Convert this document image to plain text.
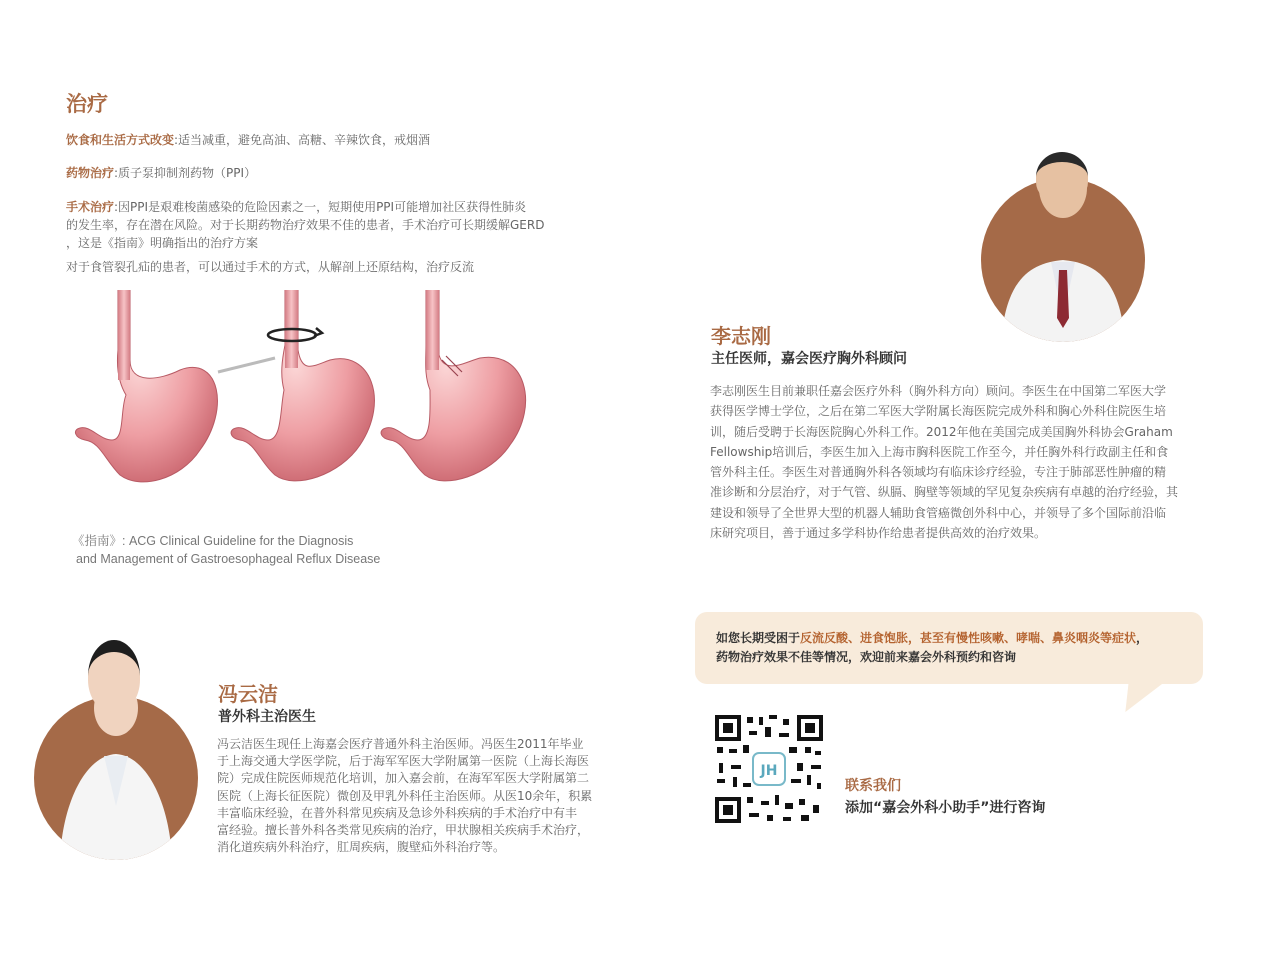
治疗
饮食和生活方式改变:适当减重，避免高油、高糖、辛辣饮食，戒烟酒
药物治疗:质子泵抑制剂药物（PPI）
手术治疗:因PPI是艰难梭菌感染的危险因素之一，短期使用PPI可能增加社区获得性肺炎
的发生率，存在潜在风险。对于长期药物治疗效果不佳的患者，手术治疗可长期缓解GERD
，这是《指南》明确指出的治疗方案
对于食管裂孔疝的患者，可以通过手术的方式，从解剖上还原结构，治疗反流
《指南》: ACG Clinical Guideline for the Diagnosis
and Management of Gastroesophageal Reflux Disease
李志刚
主任医师，嘉会医疗胸外科顾问
李志刚医生目前兼职任嘉会医疗外科（胸外科方向）顾问。李医生在中国第二军医大学
获得医学博士学位，之后在第二军医大学附属长海医院完成外科和胸心外科住院医生培
训，随后受聘于长海医院胸心外科工作。2012年他在美国完成美国胸外科协会Graham
Fellowship培训后，李医生加入上海市胸科医院工作至今，并任胸外科行政副主任和食
管外科主任。李医生对普通胸外科各领域均有临床诊疗经验，专注于肺部恶性肿瘤的精
准诊断和分层治疗，对于气管、纵膈、胸壁等领域的罕见复杂疾病有卓越的治疗经验，其
建设和领导了全世界大型的机器人辅助食管癌微创外科中心，并领导了多个国际前沿临
床研究项目，善于通过多学科协作给患者提供高效的治疗效果。
如您长期受困于反流反酸、进食饱胀，甚至有慢性咳嗽、哮喘、鼻炎咽炎等症状，
药物治疗效果不佳等情况，欢迎前来嘉会外科预约和咨询
JH
联系我们
添加“嘉会外科小助手”进行咨询
冯云洁
普外科主治医生
冯云洁医生现任上海嘉会医疗普通外科主治医师。冯医生2011年毕业
于上海交通大学医学院，后于海军军医大学附属第一医院（上海长海医
院）完成住院医师规范化培训，加入嘉会前，在海军军医大学附属第二
医院（上海长征医院）微创及甲乳外科任主治医师。从医10余年，积累
丰富临床经验，在普外科常见疾病及急诊外科疾病的手术治疗中有丰
富经验。擅长普外科各类常见疾病的治疗，甲状腺相关疾病手术治疗，
消化道疾病外科治疗，肛周疾病，腹壁疝外科治疗等。
